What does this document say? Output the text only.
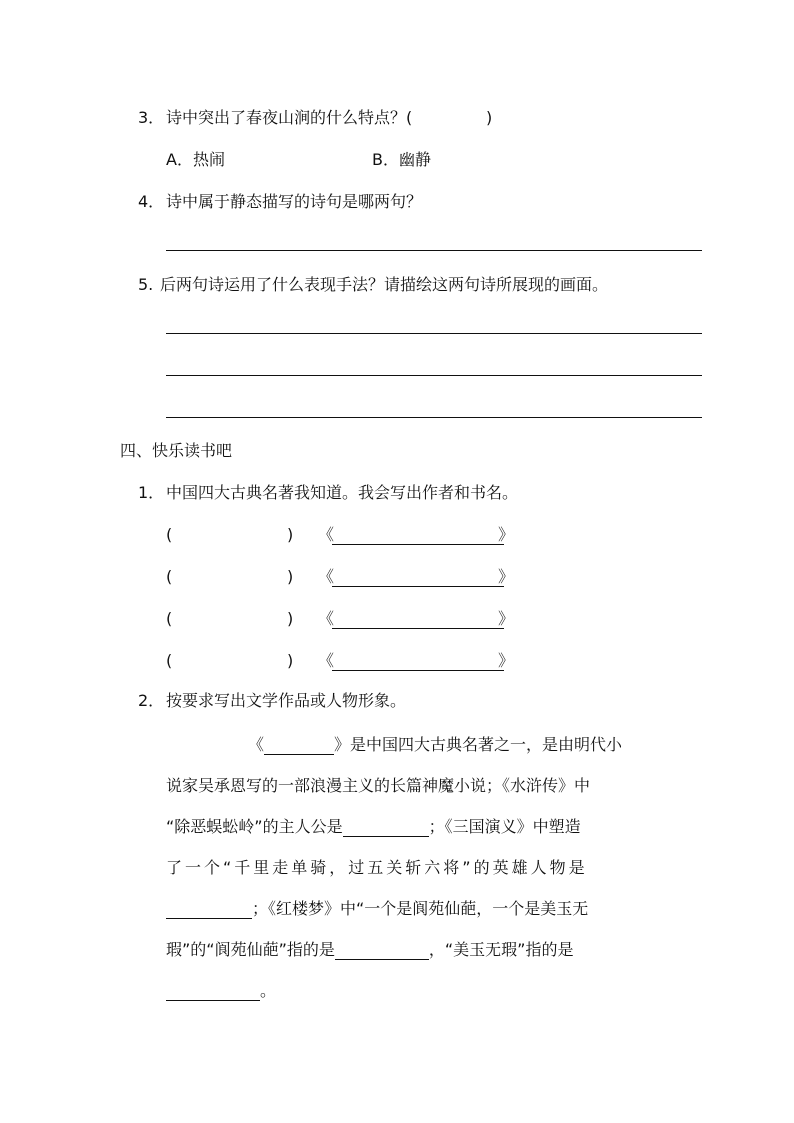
3． 诗中突出了春夜山涧的什么特点？(	)
A．热闹	B．幽静
4． 诗中属于静态描写的诗句是哪两句？
5. 后两句诗运用了什么表现手法？请描绘这两句诗所展现的画面。
四、快乐读书吧
1． 中国四大古典名著我知道。我会写出作者和书名。
(	) 《	》
(	) 《	》
(	) 《	》
(	) 《	》
2． 按要求写出文学作品或人物形象。
《	》是中国四大古典名著之一，是由明代小
说家吴承恩写的一部浪漫主义的长篇神魔小说；《水浒传》中
“除恶蜈蚣岭”的主人公是	；《三国演义》中塑造
了一个“千里走单骑，过五关斩六将”的英雄人物是
；《红楼梦》中“一个是阆苑仙葩，一个是美玉无
瑕”的“阆苑仙葩”指的是	，“美玉无瑕”指的是
。
